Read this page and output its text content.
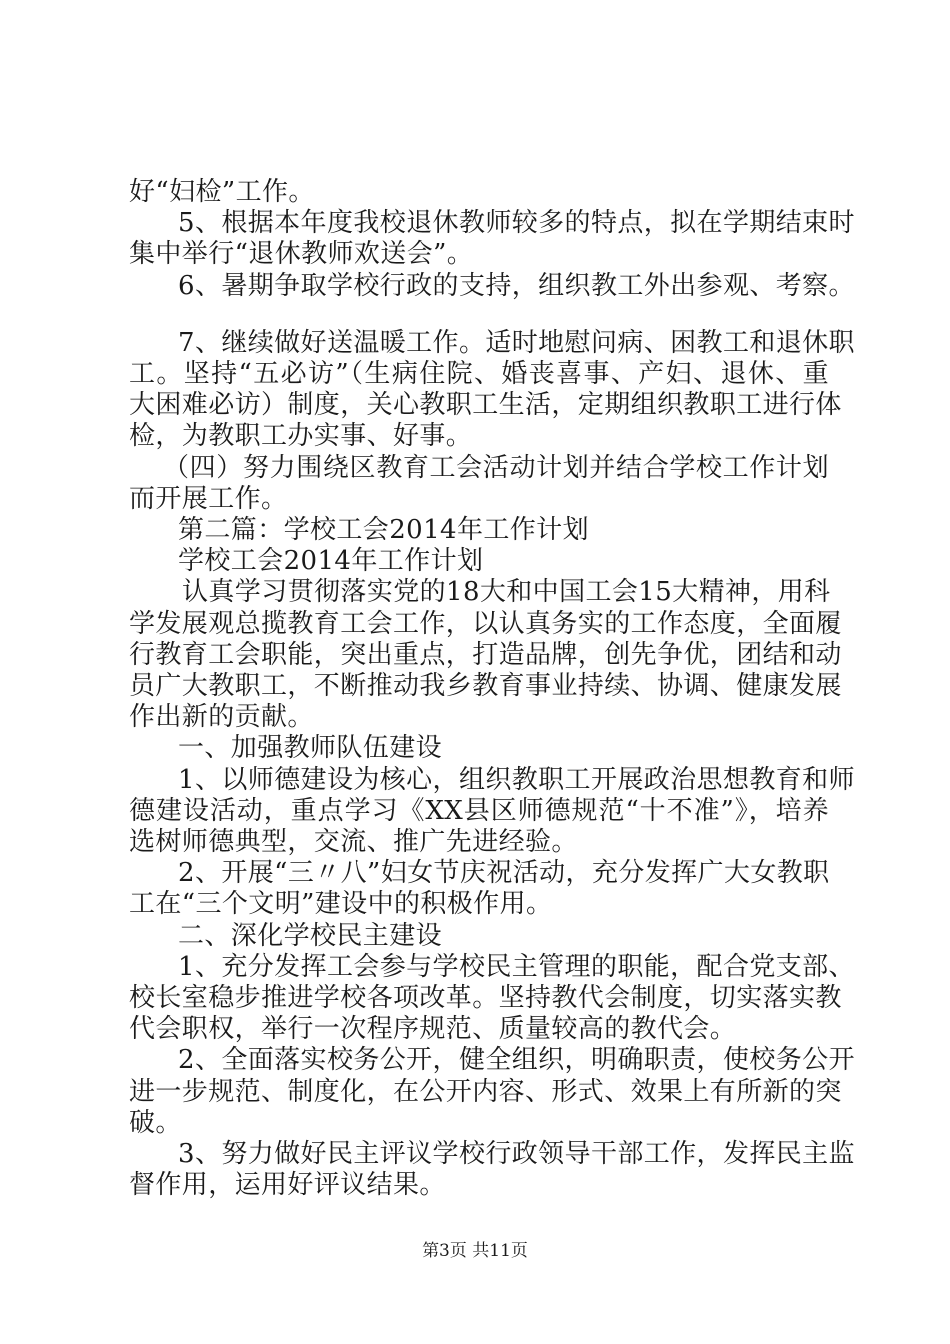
好“妇检”工作。
5、根据本年度我校退休教师较多的特点，拟在学期结束时
集中举行“退休教师欢送会”。
6、暑期争取学校行政的支持，组织教工外出参观、考察。
7、继续做好送温暖工作。适时地慰问病、困教工和退休职
工。坚持“五必访”（生病住院、婚丧喜事、产妇、退休、重
大困难必访）制度，关心教职工生活，定期组织教职工进行体
检，为教职工办实事、好事。
（四）努力围绕区教育工会活动计划并结合学校工作计划
而开展工作。
第二篇：学校工会2014年工作计划
学校工会2014年工作计划
认真学习贯彻落实党的18大和中国工会15大精神，用科
学发展观总揽教育工会工作，以认真务实的工作态度，全面履
行教育工会职能，突出重点，打造品牌，创先争优，团结和动
员广大教职工，不断推动我乡教育事业持续、协调、健康发展
作出新的贡献。
一、加强教师队伍建设
1、以师德建设为核心，组织教职工开展政治思想教育和师
德建设活动，重点学习《XX县区师德规范“十不准”》，培养
选树师德典型，交流、推广先进经验。
2、开展“三〃八”妇女节庆祝活动，充分发挥广大女教职
工在“三个文明”建设中的积极作用。
二、深化学校民主建设
1、充分发挥工会参与学校民主管理的职能，配合党支部、
校长室稳步推进学校各项改革。坚持教代会制度，切实落实教
代会职权，举行一次程序规范、质量较高的教代会。
2、全面落实校务公开，健全组织，明确职责，使校务公开
进一步规范、制度化，在公开内容、形式、效果上有所新的突
破。
3、努力做好民主评议学校行政领导干部工作，发挥民主监
督作用，运用好评议结果。
第3页 共11页
